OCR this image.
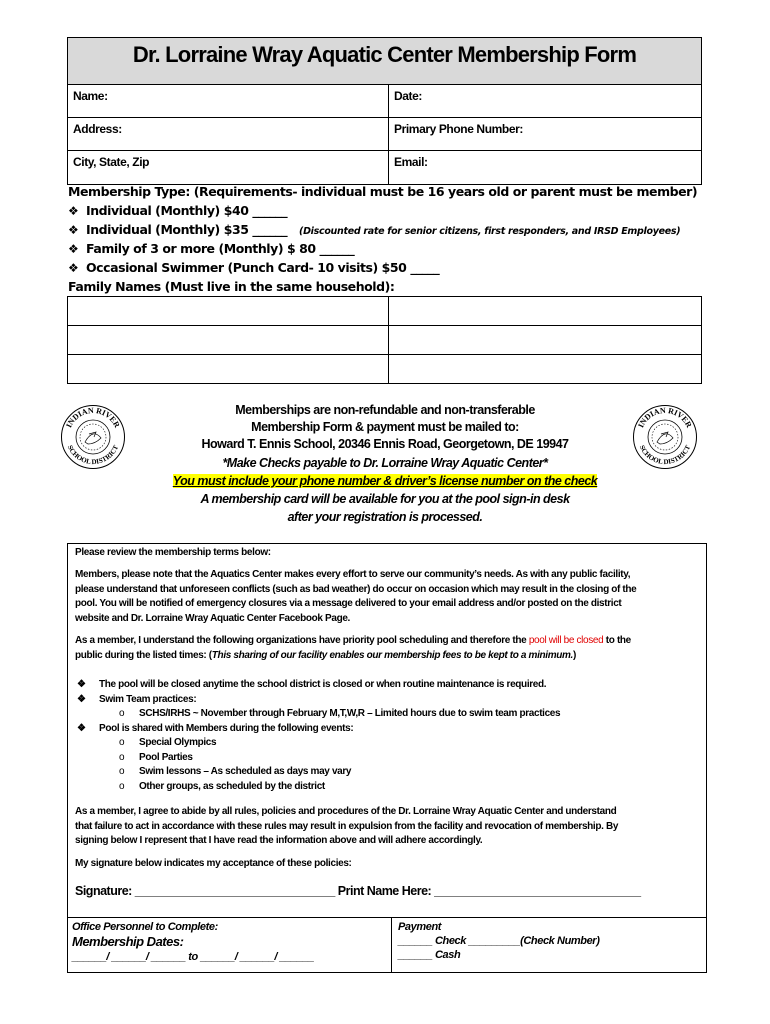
Dr. Lorraine Wray Aquatic Center Membership Form
Name:	Date:
Address:	Primary Phone Number:
City, State, Zip	Email:
Membership Type: (Requirements- individual must be 16 years old or parent must be member)
❖ Individual (Monthly) $40 ______
❖ Individual (Monthly) $35 ______ (Discounted rate for senior citizens, first responders, and IRSD Employees)
❖ Family of 3 or more (Monthly) $ 80 ______
❖ Occasional Swimmer (Punch Card- 10 visits) $50 _____
Family Names (Must live in the same household):
INDIAN RIVER
SCHOOL DISTRICT
INDIAN RIVER
SCHOOL DISTRICT
Memberships are non-refundable and non-transferable
Membership Form & payment must be mailed to:
Howard T. Ennis School, 20346 Ennis Road, Georgetown, DE 19947
*Make Checks payable to Dr. Lorraine Wray Aquatic Center*
You must include your phone number & driver’s license number on the check
A membership card will be available for you at the pool sign-in desk
after your registration is processed.
Please review the membership terms below:
Members, please note that the Aquatics Center makes every effort to serve our community’s needs. As with any public facility,
please understand that unforeseen conflicts (such as bad weather) do occur on occasion which may result in the closing of the
pool. You will be notified of emergency closures via a message delivered to your email address and/or posted on the district
website and Dr. Lorraine Wray Aquatic Center Facebook Page.
As a member, I understand the following organizations have priority pool scheduling and therefore the pool will be closed to the
public during the listed times: (This sharing of our facility enables our membership fees to be kept to a minimum.)
❖	The pool will be closed anytime the school district is closed or when routine maintenance is required.
❖	Swim Team practices:
o	SCHS/IRHS ~ November through February M,T,W,R – Limited hours due to swim team practices
❖	Pool is shared with Members during the following events:
o	Special Olympics
o	Pool Parties
o	Swim lessons – As scheduled as days may vary
o	Other groups, as scheduled by the district
As a member, I agree to abide by all rules, policies and procedures of the Dr. Lorraine Wray Aquatic Center and understand
that failure to act in accordance with these rules may result in expulsion from the facility and revocation of membership. By
signing below I represent that I have read the information above and will adhere accordingly.
My signature below indicates my acceptance of these policies:
Signature: _______________________________ Print Name Here: ________________________________
Office Personnel to Complete:
Membership Dates:
______/ ______/ ______ to ______/ ______/ ______
Payment
______ Check _________(Check Number)
______ Cash
